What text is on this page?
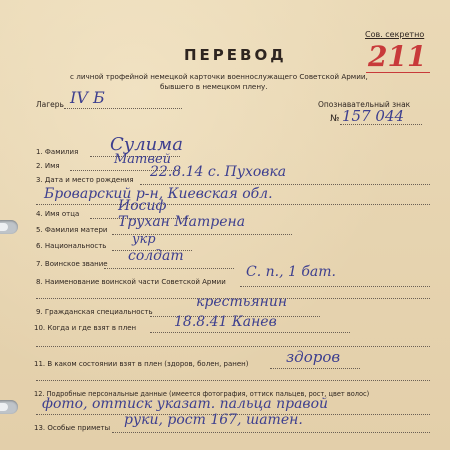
Сов. секретно
211
ПЕРЕВОД
с личной трофейной немецкой карточки военнослужащего Советской Армии,
бывшего в немецком плену.
Лагерь IV Б	Опознавательный знак
№ 157 044
1. Фамилия Сулима
2. Имя	Матвей
3. Дата и место рождения 22.8.14 с. Пуховка
Броварский р-н, Киевская обл.
4. Имя отца	Иосиф
5. Фамилия матери Трухан Матрена
6. Национальность укр
7. Воинское звание солдат
8. Наименование воинской части Советской Армии
С. п., 1 бат.
9. Гражданская специальность
крестьянин
10. Когда и где взят в плен	18.8.41 Канев
11. В каком состоянии взят в плен (здоров, болен, ранен)	здоров
12. Подробные персональные данные (имеется фотография, оттиск пальцев, рост, цвет волос)
фото, оттиск указат. пальца правой
13. Особые приметы руки, рост 167, шатен.
